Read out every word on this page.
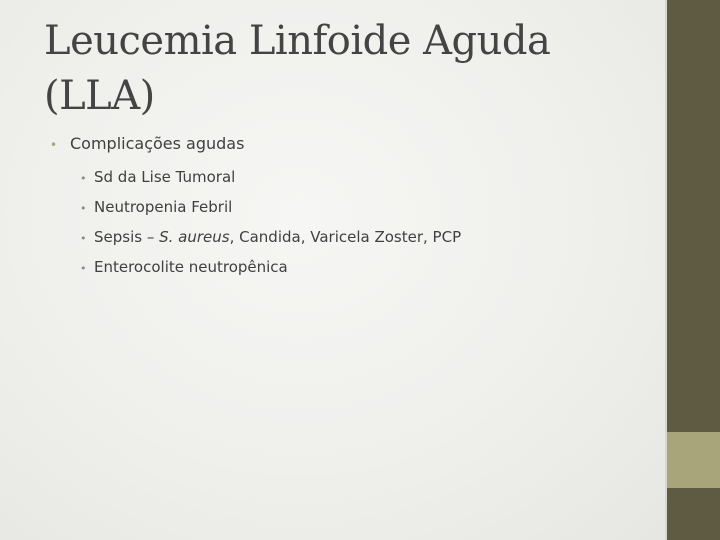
Leucemia Linfoide Aguda
(LLA)
• Complicações agudas
• Sd da Lise Tumoral
• Neutropenia Febril
• Sepsis – S. aureus, Candida, Varicela Zoster, PCP
• Enterocolite neutropênica
